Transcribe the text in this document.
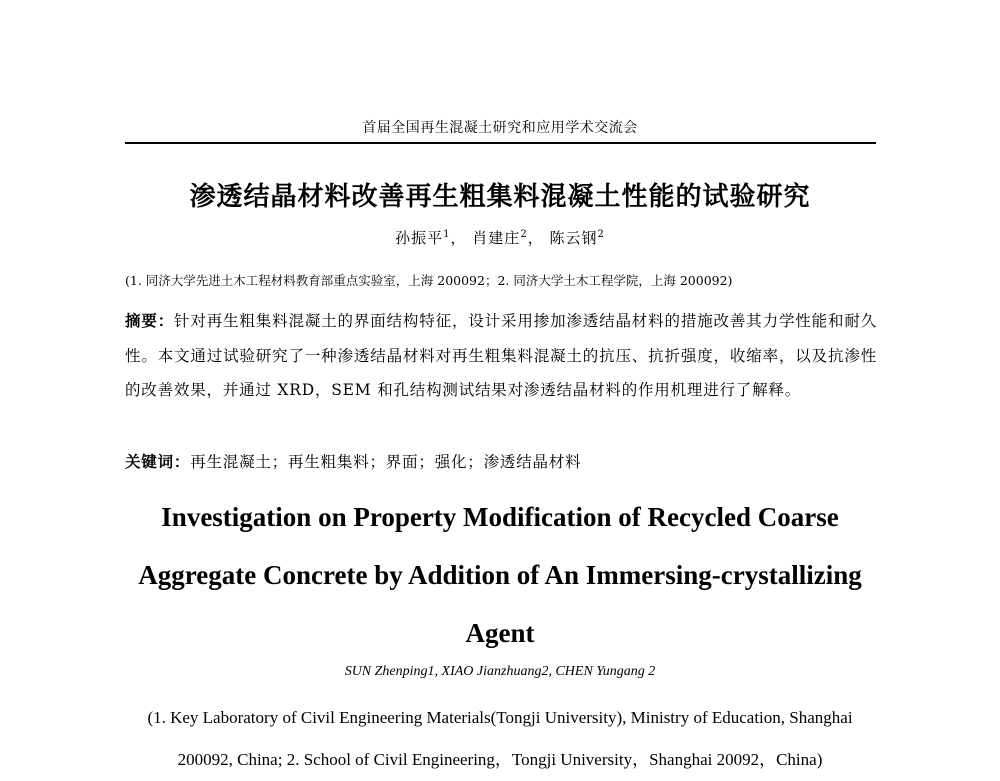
首届全国再生混凝土研究和应用学术交流会
渗透结晶材料改善再生粗集料混凝土性能的试验研究
孙振平$^1$， 肖建庄$^2$， 陈云钢$^2$
(1. 同济大学先进土木工程材料教育部重点实验室，上海 200092；2. 同济大学土木工程学院，上海 200092)
摘要：针对再生粗集料混凝土的界面结构特征，设计采用掺加渗透结晶材料的措施改善其力学性能和耐久性。本文通过试验研究了一种渗透结晶材料对再生粗集料混凝土的抗压、抗折强度，收缩率，以及抗渗性的改善效果，并通过 XRD，SEM 和孔结构测试结果对渗透结晶材料的作用机理进行了解释。
关键词：再生混凝土；再生粗集料；界面；强化；渗透结晶材料
Investigation on Property Modification of Recycled Coarse
Aggregate Concrete by Addition of An Immersing-crystallizing
Agent
SUN Zhenping1, XIAO Jianzhuang2, CHEN Yungang 2
(1. Key Laboratory of Civil Engineering Materials(Tongji University), Ministry of Education, Shanghai
200092, China; 2. School of Civil Engineering，Tongji University，Shanghai 20092，China)
